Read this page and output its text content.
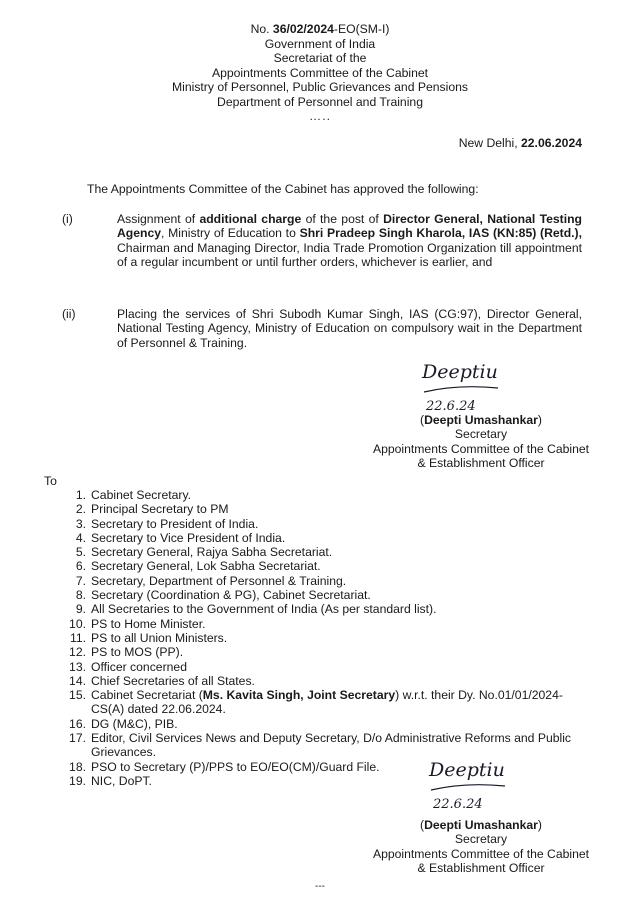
No. 36/02/2024-EO(SM-I)
Government of India
Secretariat of the
Appointments Committee of the Cabinet
Ministry of Personnel, Public Grievances and Pensions
Department of Personnel and Training
…..
New Delhi, 22.06.2024
The Appointments Committee of the Cabinet has approved the following:
(i)	Assignment of additional charge of the post of Director General, National Testing Agency, Ministry of Education to Shri Pradeep Singh Kharola, IAS (KN:85) (Retd.), Chairman and Managing Director, India Trade Promotion Organization till appointment of a regular incumbent or until further orders, whichever is earlier, and
(ii)	Placing the services of Shri Subodh Kumar Singh, IAS (CG:97), Director General, National Testing Agency, Ministry of Education on compulsory wait in the Department of Personnel & Training.
Deeptiu
22.6.24
(Deepti Umashankar)
Secretary
Appointments Committee of the Cabinet
& Establishment Officer
To
1. Cabinet Secretary.
2. Principal Secretary to PM
3. Secretary to President of India.
4. Secretary to Vice President of India.
5. Secretary General, Rajya Sabha Secretariat.
6. Secretary General, Lok Sabha Secretariat.
7. Secretary, Department of Personnel & Training.
8. Secretary (Coordination & PG), Cabinet Secretariat.
9. All Secretaries to the Government of India (As per standard list).
10. PS to Home Minister.
11. PS to all Union Ministers.
12. PS to MOS (PP).
13. Officer concerned
14. Chief Secretaries of all States.
15. Cabinet Secretariat (Ms. Kavita Singh, Joint Secretary) w.r.t. their Dy. No.01/01/2024-CS(A) dated 22.06.2024.
16. DG (M&C), PIB.
17. Editor, Civil Services News and Deputy Secretary, D/o Administrative Reforms and Public Grievances.
18. PSO to Secretary (P)/PPS to EO/EO(CM)/Guard File.
19. NIC, DoPT.	Deeptiu
22.6.24
(Deepti Umashankar)
Secretary
Appointments Committee of the Cabinet
& Establishment Officer
---
